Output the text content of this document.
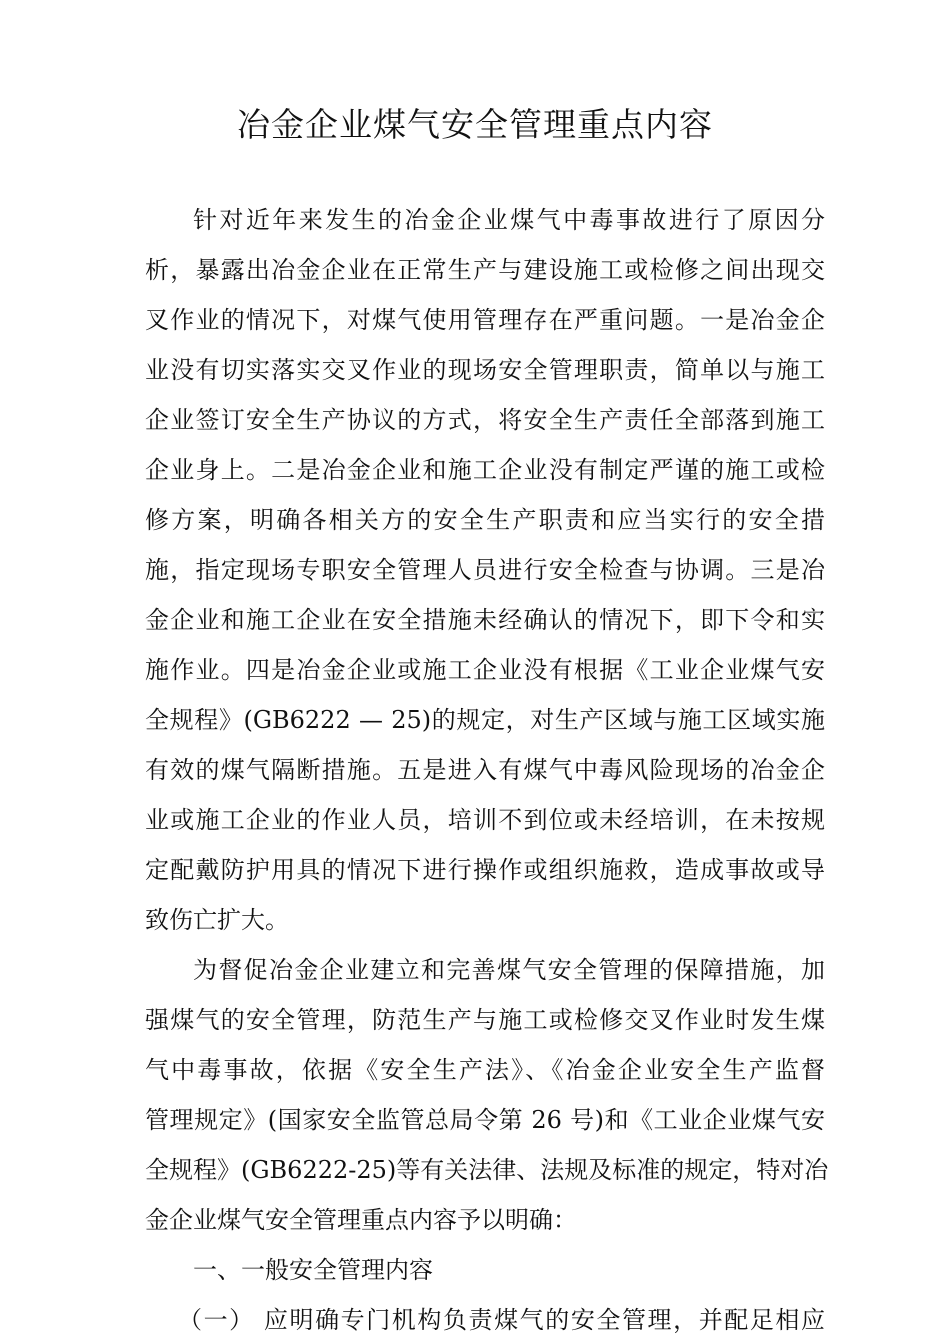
冶金企业煤气安全管理重点内容
针对近年来发生的冶金企业煤气中毒事故进行了原因分
析，暴露出冶金企业在正常生产与建设施工或检修之间出现交
叉作业的情况下，对煤气使用管理存在严重问题。一是冶金企
业没有切实落实交叉作业的现场安全管理职责，简单以与施工
企业签订安全生产协议的方式，将安全生产责任全部落到施工
企业身上。二是冶金企业和施工企业没有制定严谨的施工或检
修方案，明确各相关方的安全生产职责和应当实行的安全措
施，指定现场专职安全管理人员进行安全检查与协调。三是冶
金企业和施工企业在安全措施未经确认的情况下，即下令和实
施作业。四是冶金企业或施工企业没有根据《工业企业煤气安
全规程》(GB6222 — 25)的规定，对生产区域与施工区域实施
有效的煤气隔断措施。五是进入有煤气中毒风险现场的冶金企
业或施工企业的作业人员，培训不到位或未经培训，在未按规
定配戴防护用具的情况下进行操作或组织施救，造成事故或导
致伤亡扩大。
为督促冶金企业建立和完善煤气安全管理的保障措施，加
强煤气的安全管理，防范生产与施工或检修交叉作业时发生煤
气中毒事故，依据《安全生产法》、《冶金企业安全生产监督
管理规定》(国家安全监管总局令第 26 号)和《工业企业煤气安
全规程》(GB6222-25)等有关法律、法规及标准的规定，特对冶
金企业煤气安全管理重点内容予以明确：
一、一般安全管理内容
（一） 应明确专门机构负责煤气的安全管理，并配足相应
